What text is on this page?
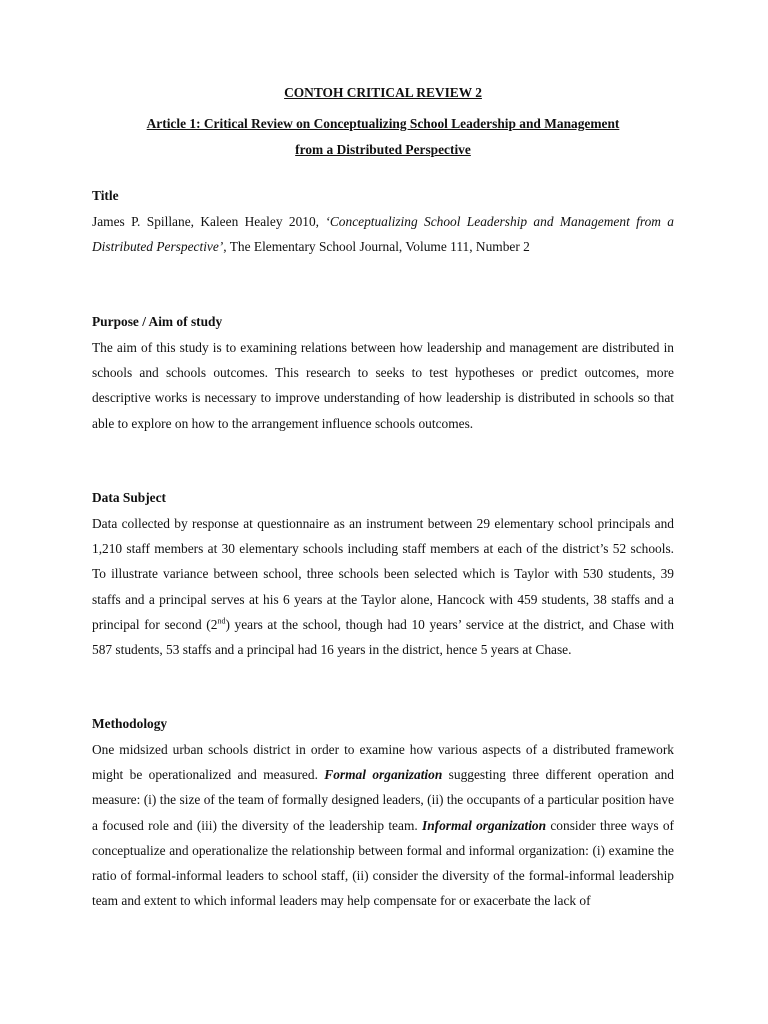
CONTOH CRITICAL REVIEW 2
Article 1: Critical Review on Conceptualizing School Leadership and Management
from a Distributed Perspective
Title

James P. Spillane, Kaleen Healey 2010, ‘Conceptualizing School Leadership and Management from a Distributed Perspective’, The Elementary School Journal, Volume 111, Number 2

Purpose / Aim of study

The aim of this study is to examining relations between how leadership and management are distributed in schools and schools outcomes. This research to seeks to test hypotheses or predict outcomes, more descriptive works is necessary to improve understanding of how leadership is distributed in schools so that able to explore on how to the arrangement influence schools outcomes.

Data Subject

Data collected by response at questionnaire as an instrument between 29 elementary school principals and 1,210 staff members at 30 elementary schools including staff members at each of the district’s 52 schools. To illustrate variance between school, three schools been selected which is Taylor with 530 students, 39 staffs and a principal serves at his 6 years at the Taylor alone, Hancock with 459 students, 38 staffs and a principal for second (2nd) years at the school, though had 10 years’ service at the district, and Chase with 587 students, 53 staffs and a principal had 16 years in the district, hence 5 years at Chase.

Methodology

One midsized urban schools district in order to examine how various aspects of a distributed framework might be operationalized and measured. Formal organization suggesting three different operation and measure: (i) the size of the team of formally designed leaders, (ii) the occupants of a particular position have a focused role and (iii) the diversity of the leadership team. Informal organization consider three ways of conceptualize and operationalize the relationship between formal and informal organization: (i) examine the ratio of formal-informal leaders to school staff, (ii) consider the diversity of the formal-informal leadership team and extent to which informal leaders may help compensate for or exacerbate the lack of
